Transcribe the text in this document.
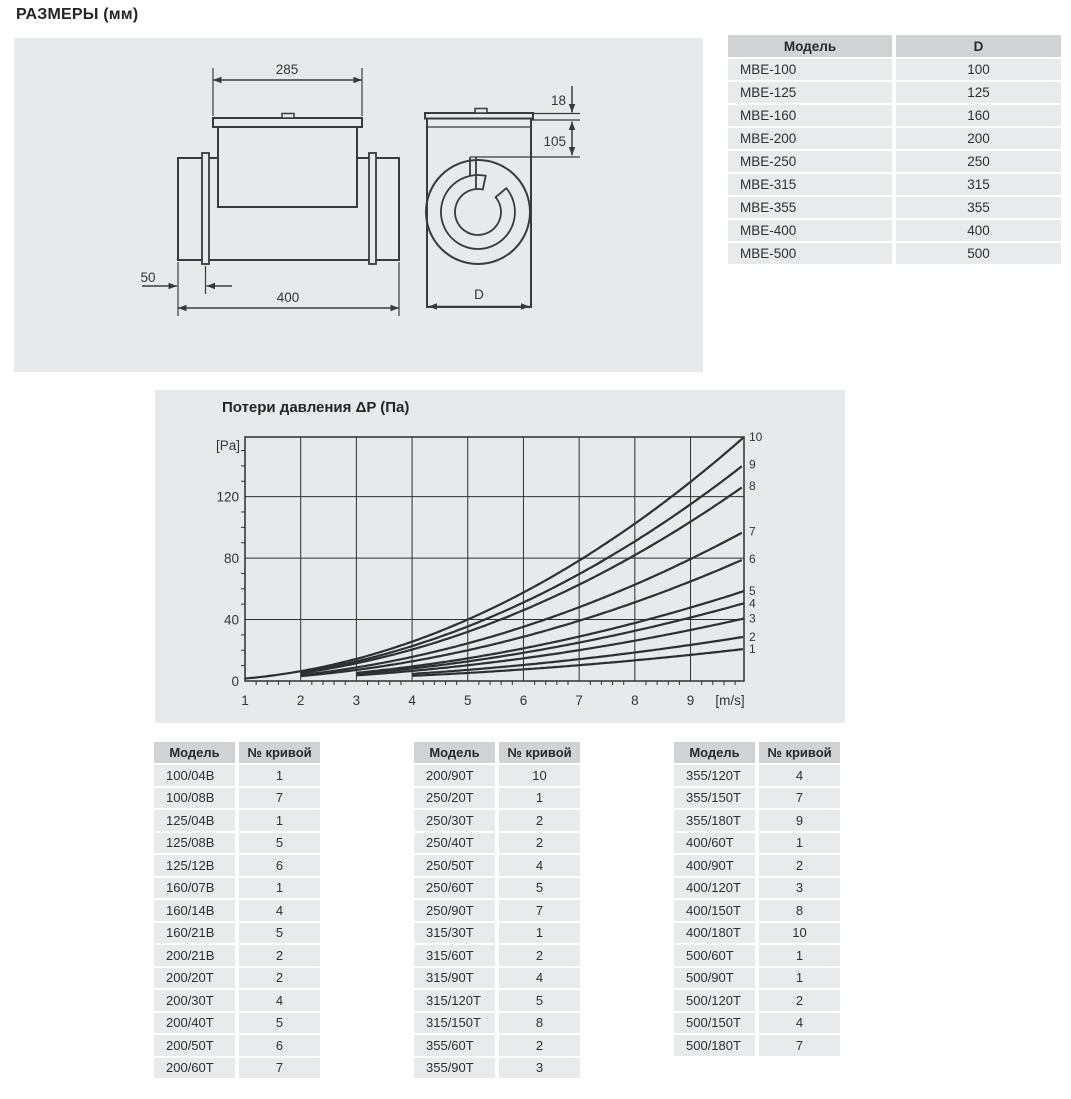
РАЗМЕРЫ (мм)
285
400
50
D
18
105
Модель	D
МВЕ-100	100
МВЕ-125	125
МВЕ-160	160
МВЕ-200	200
МВЕ-250	250
МВЕ-315	315
МВЕ-355	355
МВЕ-400	400
МВЕ-500	500
Потери давления ΔP (Па)
1	2	3	4	5	6	7	8	9 [m/s]
0
40
80
120
[Pa]
1
2
3
4
5
6
7
8
9
10
Модель	№ кривой
100/04В	1
100/08В	7
125/04В	1
125/08В	5
125/12В	6
160/07В	1
160/14В	4
160/21В	5
200/21В	2
200/20Т	2
200/30Т	4
200/40Т	5
200/50Т	6
200/60Т	7
Модель	№ кривой
200/90Т	10
250/20Т	1
250/30Т	2
250/40Т	2
250/50Т	4
250/60Т	5
250/90Т	7
315/30Т	1
315/60Т	2
315/90Т	4
315/120Т	5
315/150Т	8
355/60Т	2
355/90Т	3
Модель	№ кривой
355/120Т	4
355/150Т	7
355/180Т	9
400/60Т	1
400/90Т	2
400/120Т	3
400/150Т	8
400/180Т	10
500/60Т	1
500/90Т	1
500/120Т	2
500/150Т	4
500/180Т	7
